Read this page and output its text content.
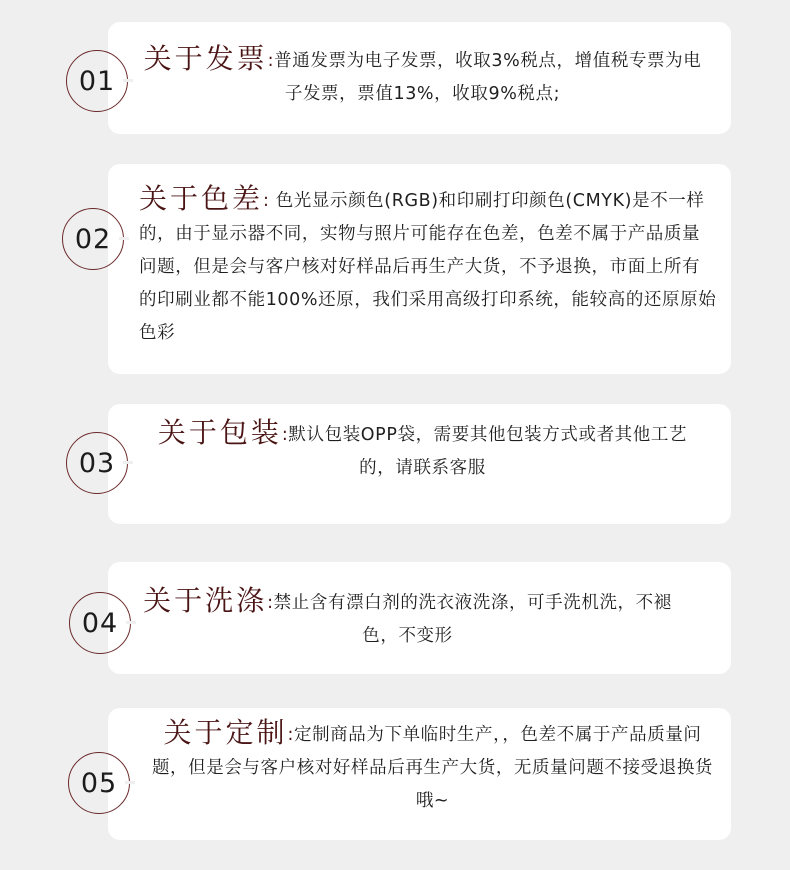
01
关于发票:普通发票为电子发票，收取3%税点，增值税专票为电子发票，票值13%，收取9%税点;
02
关于色差: 色光显示颜色(RGB)和印刷打印颜色(CMYK)是不一样的，由于显示器不同，实物与照片可能存在色差，色差不属于产品质量问题，但是会与客户核对好样品后再生产大货，不予退换，市面上所有的印刷业都不能100%还原，我们采用高级打印系统，能较高的还原原始色彩
03
关于包装:默认包装OPP袋，需要其他包装方式或者其他工艺的，请联系客服
04
关于洗涤:禁止含有漂白剂的洗衣液洗涤，可手洗机洗，不褪色，不变形
05
关于定制:定制商品为下单临时生产，，色差不属于产品质量问题，但是会与客户核对好样品后再生产大货，无质量问题不接受退换货哦~
